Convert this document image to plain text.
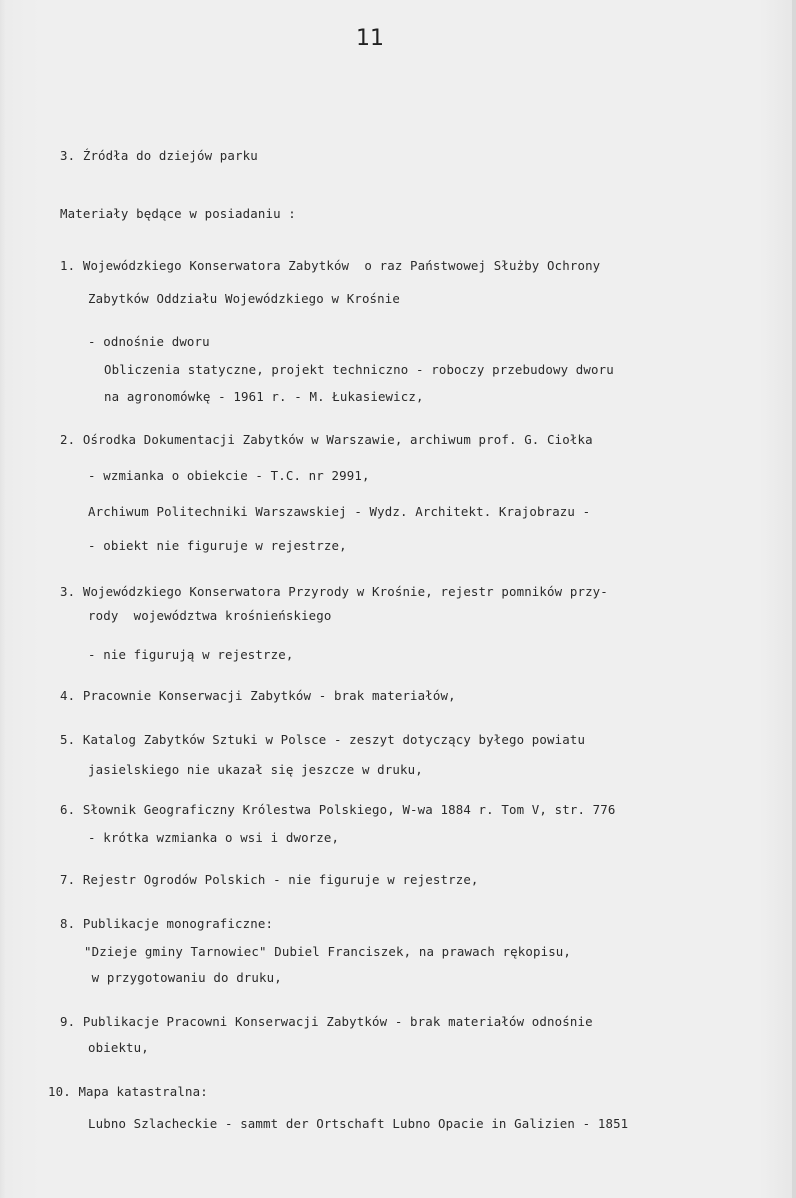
11
3. Źródła do dziejów parku
Materiały będące w posiadaniu :
1. Wojewódzkiego Konserwatora Zabytków  o raz Państwowej Służby Ochrony
Zabytków Oddziału Wojewódzkiego w Krośnie
- odnośnie dworu
Obliczenia statyczne, projekt techniczno - roboczy przebudowy dworu
na agronomówkę - 1961 r. - M. Łukasiewicz,
2. Ośrodka Dokumentacji Zabytków w Warszawie, archiwum prof. G. Ciołka
- wzmianka o obiekcie - T.C. nr 2991,
Archiwum Politechniki Warszawskiej - Wydz. Architekt. Krajobrazu -
- obiekt nie figuruje w rejestrze,
3. Wojewódzkiego Konserwatora Przyrody w Krośnie, rejestr pomników przy-
rody  województwa krośnieńskiego
- nie figurują w rejestrze,
4. Pracownie Konserwacji Zabytków - brak materiałów,
5. Katalog Zabytków Sztuki w Polsce - zeszyt dotyczący byłego powiatu
jasielskiego nie ukazał się jeszcze w druku,
6. Słownik Geograficzny Królestwa Polskiego, W-wa 1884 r. Tom V, str. 776
- krótka wzmianka o wsi i dworze,
7. Rejestr Ogrodów Polskich - nie figuruje w rejestrze,
8. Publikacje monograficzne:
"Dzieje gminy Tarnowiec" Dubiel Franciszek, na prawach rękopisu,
w przygotowaniu do druku,
9. Publikacje Pracowni Konserwacji Zabytków - brak materiałów odnośnie
obiektu,
10. Mapa katastralna:
Lubno Szlacheckie - sammt der Ortschaft Lubno Opacie in Galizien - 1851
